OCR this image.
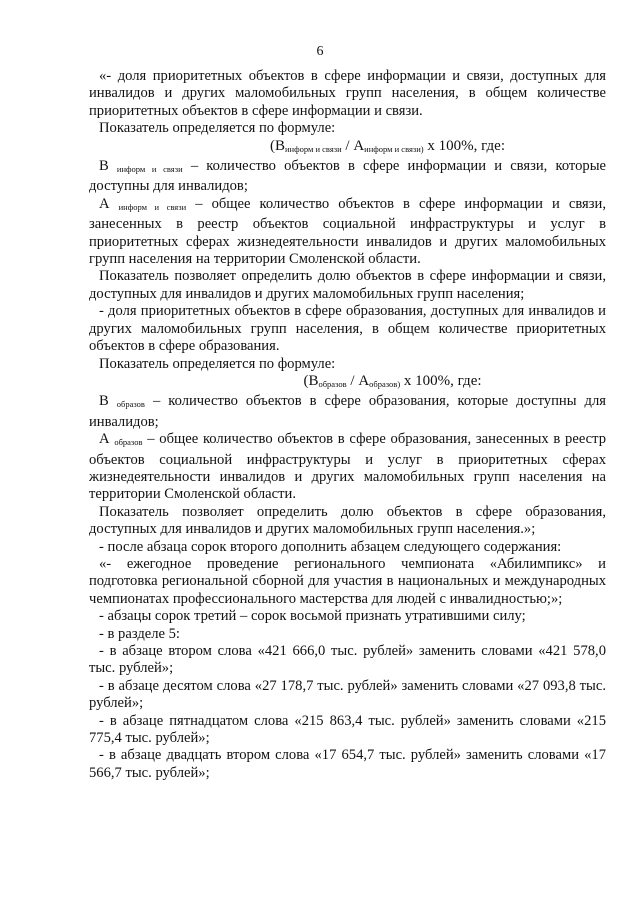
6

«- доля приоритетных объектов в сфере информации и связи, доступных для инвалидов и других маломобильных групп населения, в общем количестве приоритетных объектов в сфере информации и связи.

Показатель определяется по формуле:

($В_{информ и связи} / А_{информ и связи)}$ х 100%, где:

В $_{информ и связи}$ – количество объектов в сфере информации и связи, которые доступны для инвалидов;

А $_{информ и связи}$ – общее количество объектов в сфере информации и связи, занесенных в реестр объектов социальной инфраструктуры и услуг в приоритетных сферах жизнедеятельности инвалидов и других маломобильных групп населения на территории Смоленской области.

Показатель позволяет определить долю объектов в сфере информации и связи, доступных для инвалидов и других маломобильных групп населения;

- доля приоритетных объектов в сфере образования, доступных для инвалидов и других маломобильных групп населения, в общем количестве приоритетных объектов в сфере образования.

Показатель определяется по формуле:

($В_{образов} / А_{образов)}$ х 100%, где:

В $_{образов}$ – количество объектов в сфере образования, которые доступны для инвалидов;

А $_{образов}$ – общее количество объектов в сфере образования, занесенных в реестр объектов социальной инфраструктуры и услуг в приоритетных сферах жизнедеятельности инвалидов и других маломобильных групп населения на территории Смоленской области.

Показатель позволяет определить долю объектов в сфере образования, доступных для инвалидов и других маломобильных групп населения.»;

- после абзаца сорок второго дополнить абзацем следующего содержания:

«- ежегодное проведение регионального чемпионата «Абилимпикс» и подготовка региональной сборной для участия в национальных и международных чемпионатах профессионального мастерства для людей с инвалидностью;»;

- абзацы сорок третий – сорок восьмой признать утратившими силу;

- в разделе 5:

- в абзаце втором слова «421 666,0 тыс. рублей» заменить словами «421 578,0 тыс. рублей»;

- в абзаце десятом слова «27 178,7 тыс. рублей» заменить словами «27 093,8 тыс. рублей»;

- в абзаце пятнадцатом слова «215 863,4 тыс. рублей» заменить словами «215 775,4 тыс. рублей»;

- в абзаце двадцать втором слова «17 654,7 тыс. рублей» заменить словами «17 566,7 тыс. рублей»;
